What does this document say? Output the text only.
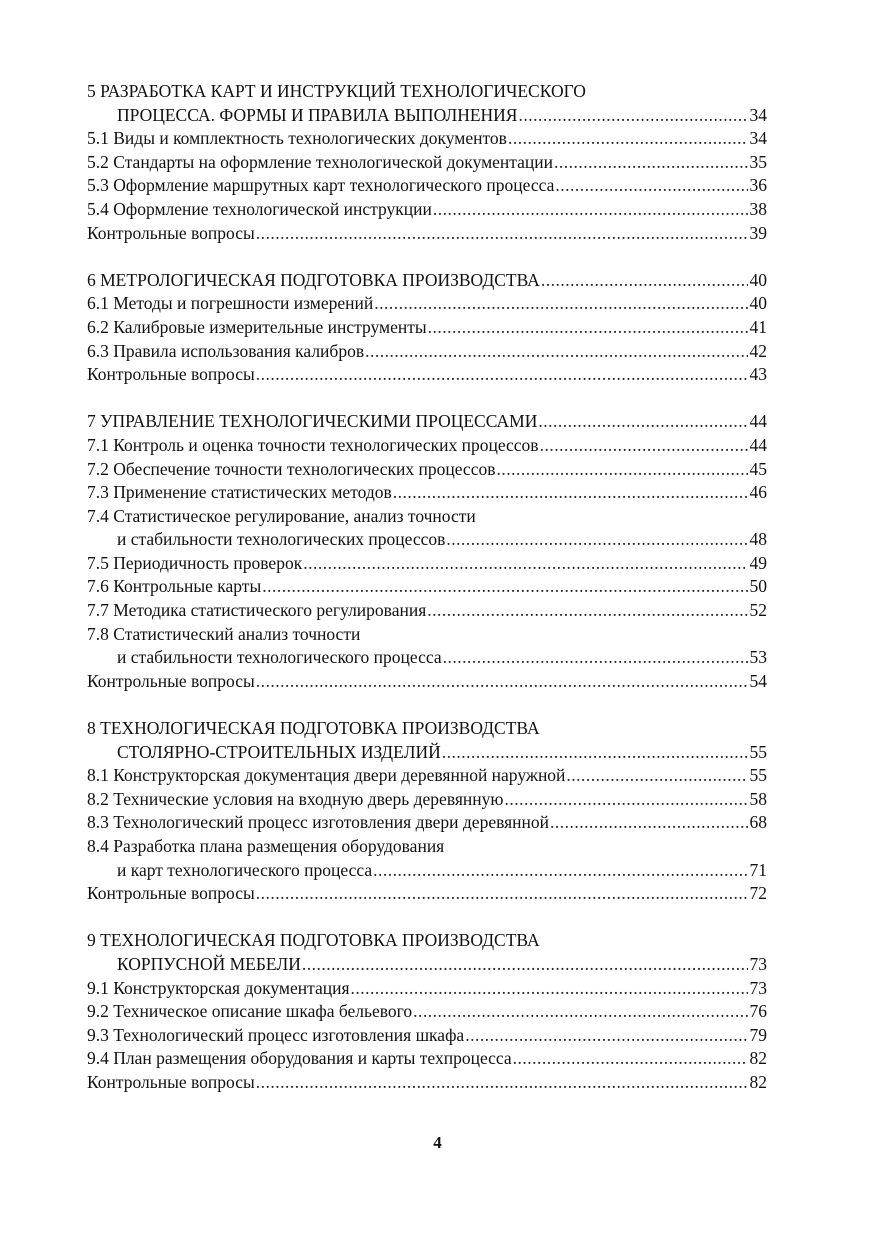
5 РАЗРАБОТКА КАРТ И ИНСТРУКЦИЙ ТЕХНОЛОГИЧЕСКОГО
ПРОЦЕССА. ФОРМЫ И ПРАВИЛА ВЫПОЛНЕНИЯ .....	34
5.1 Виды и комплектность технологических документов .....	34
5.2 Стандарты на оформление технологической документации .....	35
5.3 Оформление маршрутных карт технологического процесса .....	36
5.4 Оформление технологической инструкции .....	38
Контрольные вопросы .....	39
6 МЕТРОЛОГИЧЕСКАЯ ПОДГОТОВКА ПРОИЗВОДСТВА .....	40
6.1 Методы и погрешности измерений .....	40
6.2 Калибровые измерительные инструменты .....	41
6.3 Правила использования калибров .....	42
Контрольные вопросы .....	43
7 УПРАВЛЕНИЕ ТЕХНОЛОГИЧЕСКИМИ ПРОЦЕССАМИ .....	44
7.1 Контроль и оценка точности технологических процессов .....	44
7.2 Обеспечение точности технологических процессов .....	45
7.3 Применение статистических методов .....	46
7.4 Статистическое регулирование, анализ точности
и стабильности технологических процессов .....	48
7.5 Периодичность проверок .....	49
7.6 Контрольные карты .....	50
7.7 Методика статистического регулирования .....	52
7.8 Статистический анализ точности
и стабильности технологического процесса .....	53
Контрольные вопросы .....	54
8 ТЕХНОЛОГИЧЕСКАЯ ПОДГОТОВКА ПРОИЗВОДСТВА
СТОЛЯРНО-СТРОИТЕЛЬНЫХ ИЗДЕЛИЙ .....	55
8.1 Конструкторская документация двери деревянной наружной .....	55
8.2 Технические условия на входную дверь деревянную .....	58
8.3 Технологический процесс изготовления двери деревянной .....	68
8.4 Разработка плана размещения оборудования
и карт технологического процесса .....	71
Контрольные вопросы .....	72
9 ТЕХНОЛОГИЧЕСКАЯ ПОДГОТОВКА ПРОИЗВОДСТВА
КОРПУСНОЙ МЕБЕЛИ .....	73
9.1 Конструкторская документация .....	73
9.2 Техническое описание шкафа бельевого .....	76
9.3 Технологический процесс изготовления шкафа .....	79
9.4 План размещения оборудования и карты техпроцесса .....	82
Контрольные вопросы .....	82
4
